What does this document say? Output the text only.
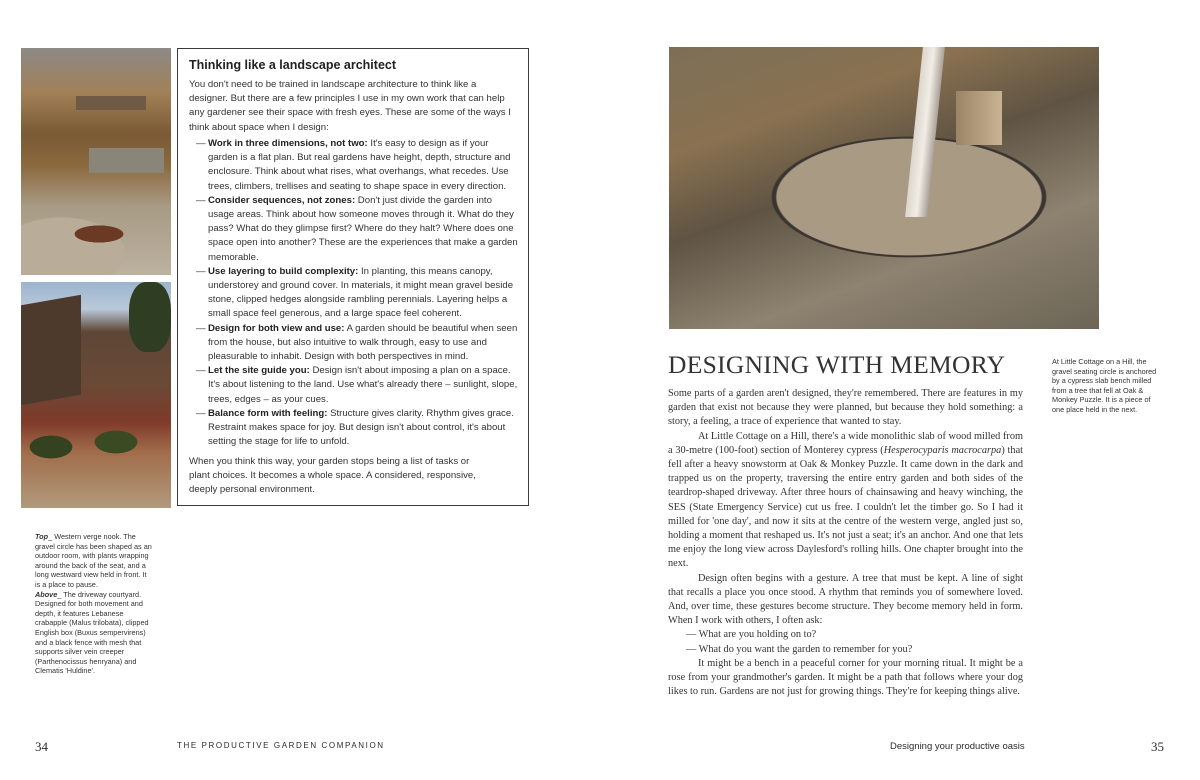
Thinking like a landscape architect
You don't need to be trained in landscape architecture to think like a designer. But there are a few principles I use in my own work that can help any gardener see their space with fresh eyes. These are some of the ways I think about space when I design:
— Work in three dimensions, not two: It's easy to design as if your garden is a flat plan. But real gardens have height, depth, structure and enclosure. Think about what rises, what overhangs, what recedes. Use trees, climbers, trellises and seating to shape space in every direction.
— Consider sequences, not zones: Don't just divide the garden into usage areas. Think about how someone moves through it. What do they pass? What do they glimpse first? Where do they halt? Where does one space open into another? These are the experiences that make a garden memorable.
— Use layering to build complexity: In planting, this means canopy, understorey and ground cover. In materials, it might mean gravel beside stone, clipped hedges alongside rambling perennials. Layering helps a small space feel generous, and a large space feel coherent.
— Design for both view and use: A garden should be beautiful when seen from the house, but also intuitive to walk through, easy to use and pleasurable to inhabit. Design with both perspectives in mind.
— Let the site guide you: Design isn't about imposing a plan on a space. It's about listening to the land. Use what's already there – sunlight, slope, trees, edges – as your cues.
— Balance form with feeling: Structure gives clarity. Rhythm gives grace. Restraint makes space for joy. But design isn't about control, it's about setting the stage for life to unfold.
When you think this way, your garden stops being a list of tasks or plant choices. It becomes a whole space. A considered, responsive, deeply personal environment.
Top_ Western verge nook. The gravel circle has been shaped as an outdoor room, with plants wrapping around the back of the seat, and a long westward view held in front. It is a place to pause.
Above_ The driveway courtyard. Designed for both movement and depth, it features Lebanese crabapple (Malus trilobata), clipped English box (Buxus sempervirens) and a black fence with mesh that supports silver vein creeper (Parthenocissus henryana) and Clematis 'Huldine'.
At Little Cottage on a Hill, the gravel seating circle is anchored by a cypress slab bench milled from a tree that fell at Oak & Monkey Puzzle. It is a piece of one place held in the next.
DESIGNING WITH MEMORY

Some parts of a garden aren't designed, they're remembered. There are features in my garden that exist not because they were planned, but because they hold something: a story, a feeling, a trace of experience that wanted to stay.

At Little Cottage on a Hill, there's a wide monolithic slab of wood milled from a 30-metre (100-foot) section of Monterey cypress (Hesperocyparis macrocarpa) that fell after a heavy snowstorm at Oak & Monkey Puzzle. It came down in the dark and trapped us on the property, traversing the entire entry garden and both sides of the teardrop-shaped driveway. After three hours of chainsawing and heavy winching, the SES (State Emergency Service) cut us free. I couldn't let the timber go. So I had it milled for 'one day', and now it sits at the centre of the western verge, angled just so, holding a moment that reshaped us. It's not just a seat; it's an anchor. And one that lets me enjoy the long view across Daylesford's rolling hills. One chapter brought into the next.

Design often begins with a gesture. A tree that must be kept. A line of sight that recalls a place you once stood. A rhythm that reminds you of somewhere loved. And, over time, these gestures become structure. They become memory held in form. When I work with others, I often ask:

— What are you holding on to?

— What do you want the garden to remember for you?

It might be a bench in a peaceful corner for your morning ritual. It might be a rose from your grandmother's garden. It might be a path that follows where your dog likes to run. Gardens are not just for growing things. They're for keeping things alive.

34	THE PRODUCTIVE GARDEN COMPANION	Designing your productive oasis	35
